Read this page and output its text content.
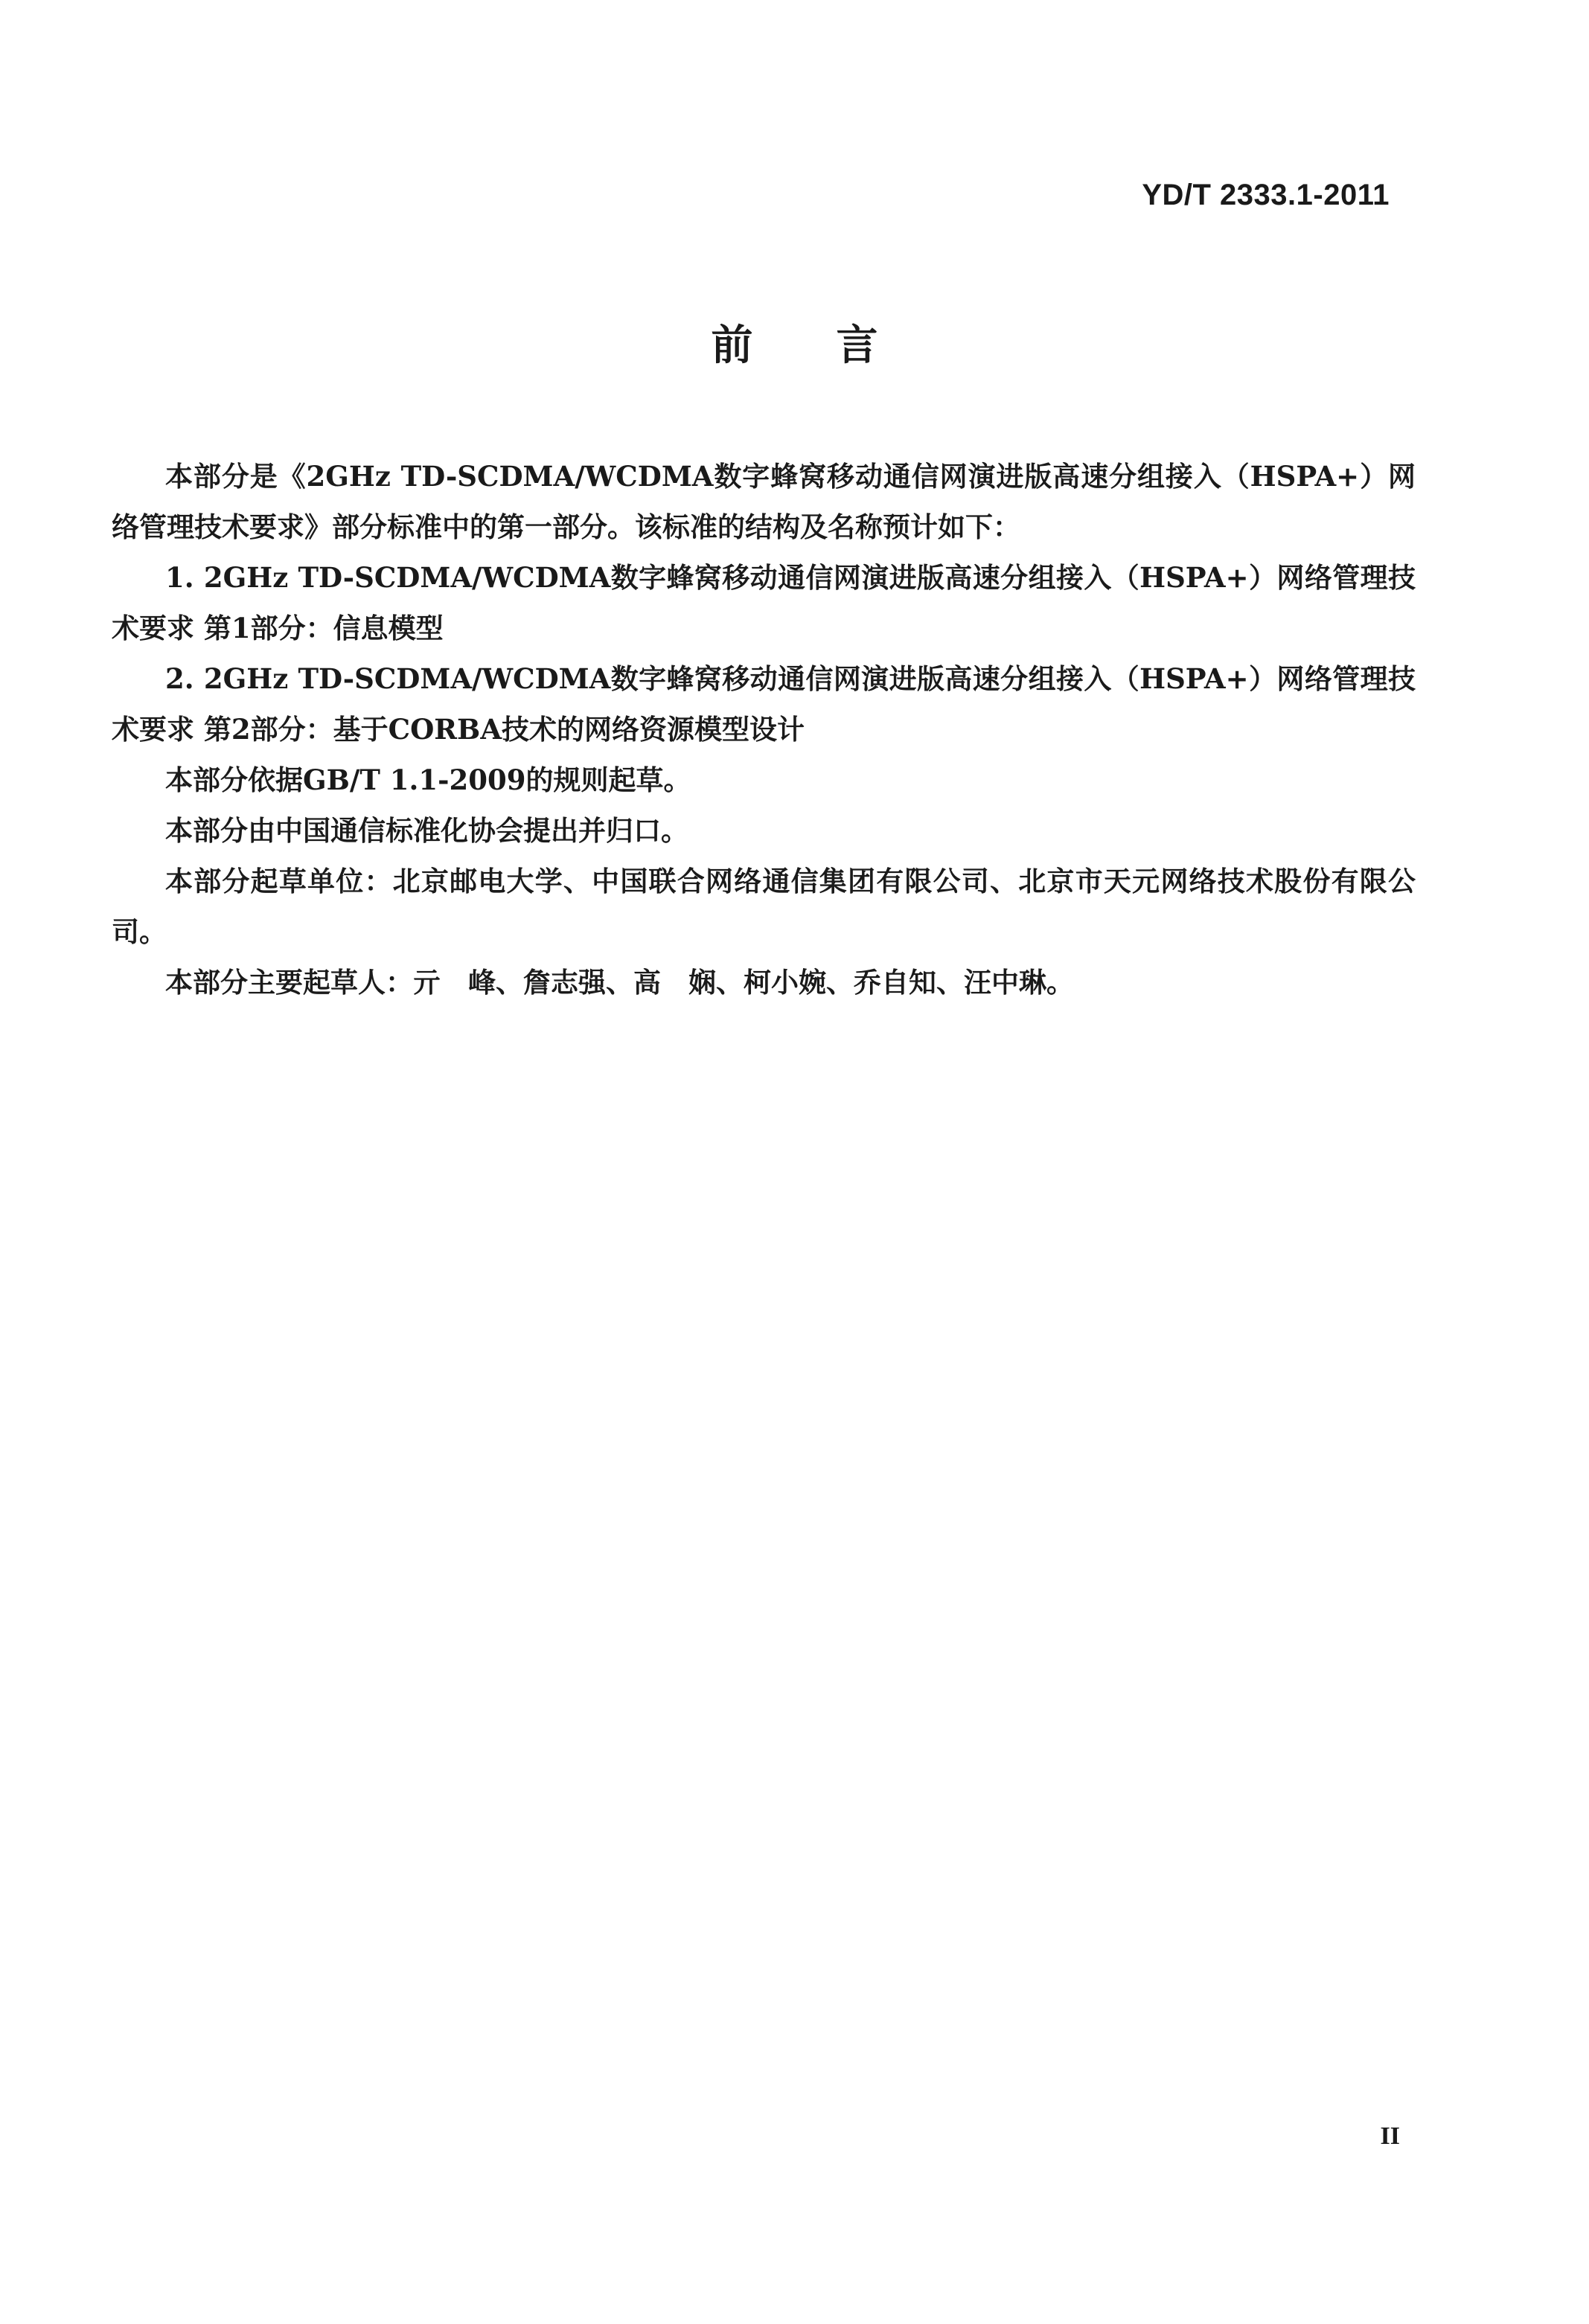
YD/T 2333.1-2011
前　　言

本部分是《2GHz TD-SCDMA/WCDMA数字蜂窝移动通信网演进版高速分组接入（HSPA+）网络管理技术要求》部分标准中的第一部分。该标准的结构及名称预计如下：

1. 2GHz TD-SCDMA/WCDMA数字蜂窝移动通信网演进版高速分组接入（HSPA+）网络管理技术要求 第1部分：信息模型

2. 2GHz TD-SCDMA/WCDMA数字蜂窝移动通信网演进版高速分组接入（HSPA+）网络管理技术要求 第2部分：基于CORBA技术的网络资源模型设计

本部分依据GB/T 1.1-2009的规则起草。

本部分由中国通信标准化协会提出并归口。

本部分起草单位：北京邮电大学、中国联合网络通信集团有限公司、北京市天元网络技术股份有限公司。

本部分主要起草人：亓　峰、詹志强、高　娴、柯小婉、乔自知、汪中琳。

II
